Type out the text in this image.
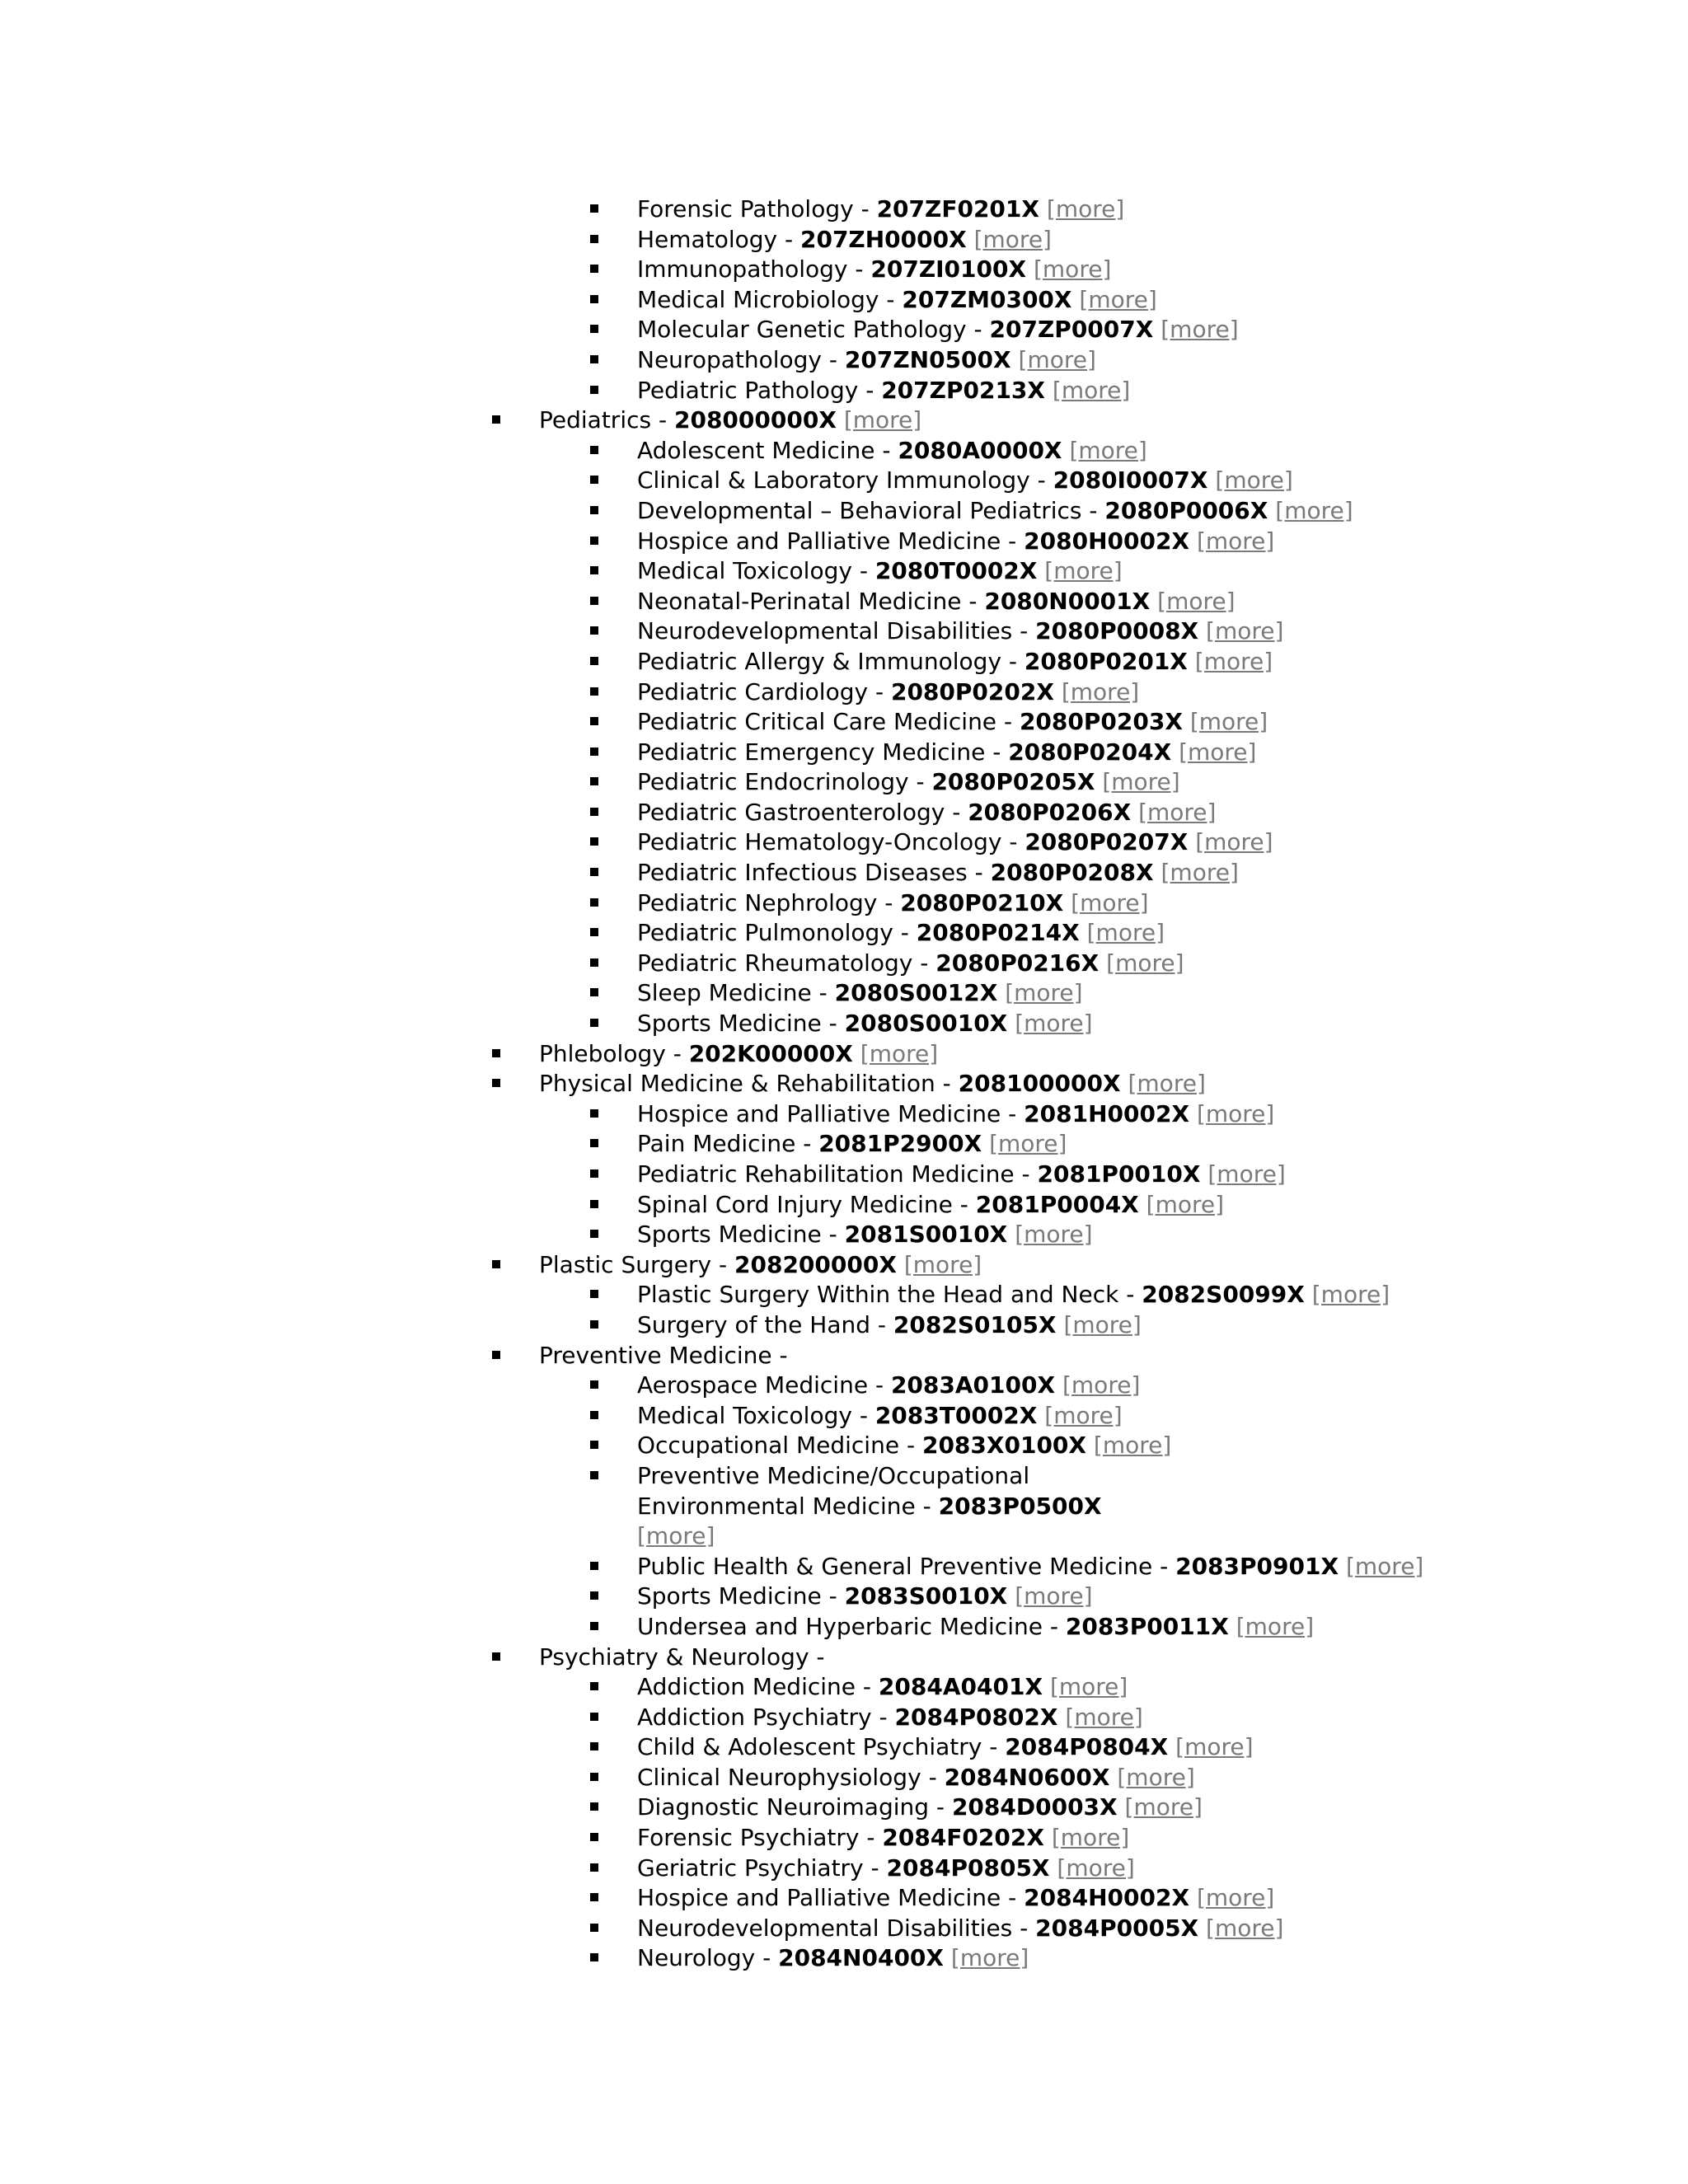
Forensic Pathology - 207ZF0201X [more]
Hematology - 207ZH0000X [more]
Immunopathology - 207ZI0100X [more]
Medical Microbiology - 207ZM0300X [more]
Molecular Genetic Pathology - 207ZP0007X [more]
Neuropathology - 207ZN0500X [more]
Pediatric Pathology - 207ZP0213X [more]
Pediatrics - 208000000X [more]
Adolescent Medicine - 2080A0000X [more]
Clinical & Laboratory Immunology - 2080I0007X [more]
Developmental – Behavioral Pediatrics - 2080P0006X [more]
Hospice and Palliative Medicine - 2080H0002X [more]
Medical Toxicology - 2080T0002X [more]
Neonatal-Perinatal Medicine - 2080N0001X [more]
Neurodevelopmental Disabilities - 2080P0008X [more]
Pediatric Allergy & Immunology - 2080P0201X [more]
Pediatric Cardiology - 2080P0202X [more]
Pediatric Critical Care Medicine - 2080P0203X [more]
Pediatric Emergency Medicine - 2080P0204X [more]
Pediatric Endocrinology - 2080P0205X [more]
Pediatric Gastroenterology - 2080P0206X [more]
Pediatric Hematology-Oncology - 2080P0207X [more]
Pediatric Infectious Diseases - 2080P0208X [more]
Pediatric Nephrology - 2080P0210X [more]
Pediatric Pulmonology - 2080P0214X [more]
Pediatric Rheumatology - 2080P0216X [more]
Sleep Medicine - 2080S0012X [more]
Sports Medicine - 2080S0010X [more]
Phlebology - 202K00000X [more]
Physical Medicine & Rehabilitation - 208100000X [more]
Hospice and Palliative Medicine - 2081H0002X [more]
Pain Medicine - 2081P2900X [more]
Pediatric Rehabilitation Medicine - 2081P0010X [more]
Spinal Cord Injury Medicine - 2081P0004X [more]
Sports Medicine - 2081S0010X [more]
Plastic Surgery - 208200000X [more]
Plastic Surgery Within the Head and Neck - 2082S0099X [more]
Surgery of the Hand - 2082S0105X [more]
Preventive Medicine -
Aerospace Medicine - 2083A0100X [more]
Medical Toxicology - 2083T0002X [more]
Occupational Medicine - 2083X0100X [more]
Preventive Medicine/Occupational Environmental Medicine - 2083P0500X [more]
Public Health & General Preventive Medicine - 2083P0901X [more]
Sports Medicine - 2083S0010X [more]
Undersea and Hyperbaric Medicine - 2083P0011X [more]
Psychiatry & Neurology -
Addiction Medicine - 2084A0401X [more]
Addiction Psychiatry - 2084P0802X [more]
Child & Adolescent Psychiatry - 2084P0804X [more]
Clinical Neurophysiology - 2084N0600X [more]
Diagnostic Neuroimaging - 2084D0003X [more]
Forensic Psychiatry - 2084F0202X [more]
Geriatric Psychiatry - 2084P0805X [more]
Hospice and Palliative Medicine - 2084H0002X [more]
Neurodevelopmental Disabilities - 2084P0005X [more]
Neurology - 2084N0400X [more]
